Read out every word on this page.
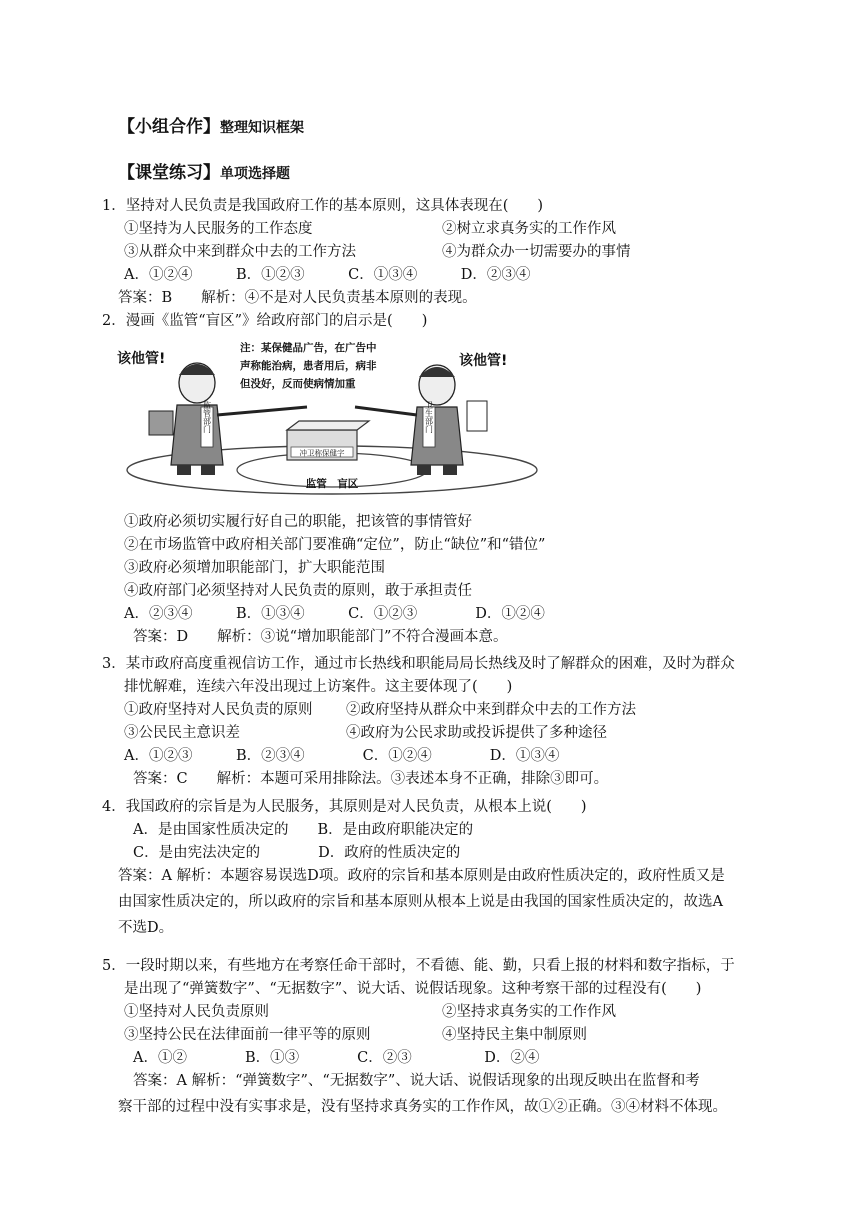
【小组合作】整理知识框架
【课堂练习】单项选择题
1．坚持对人民负责是我国政府工作的基本原则，这具体表现在(　　)
①坚持为人民服务的工作态度	②树立求真务实的工作作风
③从群众中来到群众中去的工作方法	④为群众办一切需要办的事情
A．①②④　　　B．①②③　　　C．①③④　　　D．②③④
答案：B　　解析：④不是对人民负责基本原则的表现。
2．漫画《监管“盲区”》给政府部门的启示是(　　)
冲卫称保健字
监管　盲区
监管部门
该他管!
卫生部门
该他管!
注：某保健品广告，在广告中
声称能治病，患者用后，病非
但没好，反而使病情加重
①政府必须切实履行好自己的职能，把该管的事情管好
②在市场监管中政府相关部门要准确“定位”，防止“缺位”和“错位”
③政府必须增加职能部门，扩大职能范围
④政府部门必须坚持对人民负责的原则，敢于承担责任
A．②③④　　　B．①③④　　　C．①②③　　　　D．①②④
答案：D　　解析：③说“增加职能部门”不符合漫画本意。
3．某市政府高度重视信访工作，通过市长热线和职能局局长热线及时了解群众的困难，及时为群众
排忧解难，连续六年没出现过上访案件。这主要体现了(　　)
①政府坚持对人民负责的原则 ②政府坚持从群众中来到群众中去的工作方法
③公民民主意识差	④政府为公民求助或投诉提供了多种途径
A．①②③　　　B．②③④　　　　C．①②④　　　　D．①③④
答案：C　　解析：本题可采用排除法。③表述本身不正确，排除③即可。
4．我国政府的宗旨是为人民服务，其原则是对人民负责，从根本上说(　　)
A．是由国家性质决定的　　B．是由政府职能决定的
C．是由宪法决定的　　　　D．政府的性质决定的
答案：A 解析：本题容易误选D项。政府的宗旨和基本原则是由政府性质决定的，政府性质又是
由国家性质决定的，所以政府的宗旨和基本原则从根本上说是由我国的国家性质决定的，故选A
不选D。
5．一段时期以来，有些地方在考察任命干部时，不看德、能、勤，只看上报的材料和数字指标，于
是出现了“弹簧数字”、“无据数字”、说大话、说假话现象。这种考察干部的过程没有(　　)
①坚持对人民负责原则	②坚持求真务实的工作作风
③坚持公民在法律面前一律平等的原则	④坚持民主集中制原则
A．①②　　　　B．①③　　　　C．②③　　　　　D．②④
答案：A 解析：“弹簧数字”、“无据数字”、说大话、说假话现象的出现反映出在监督和考
察干部的过程中没有实事求是，没有坚持求真务实的工作作风，故①②正确。③④材料不体现。
